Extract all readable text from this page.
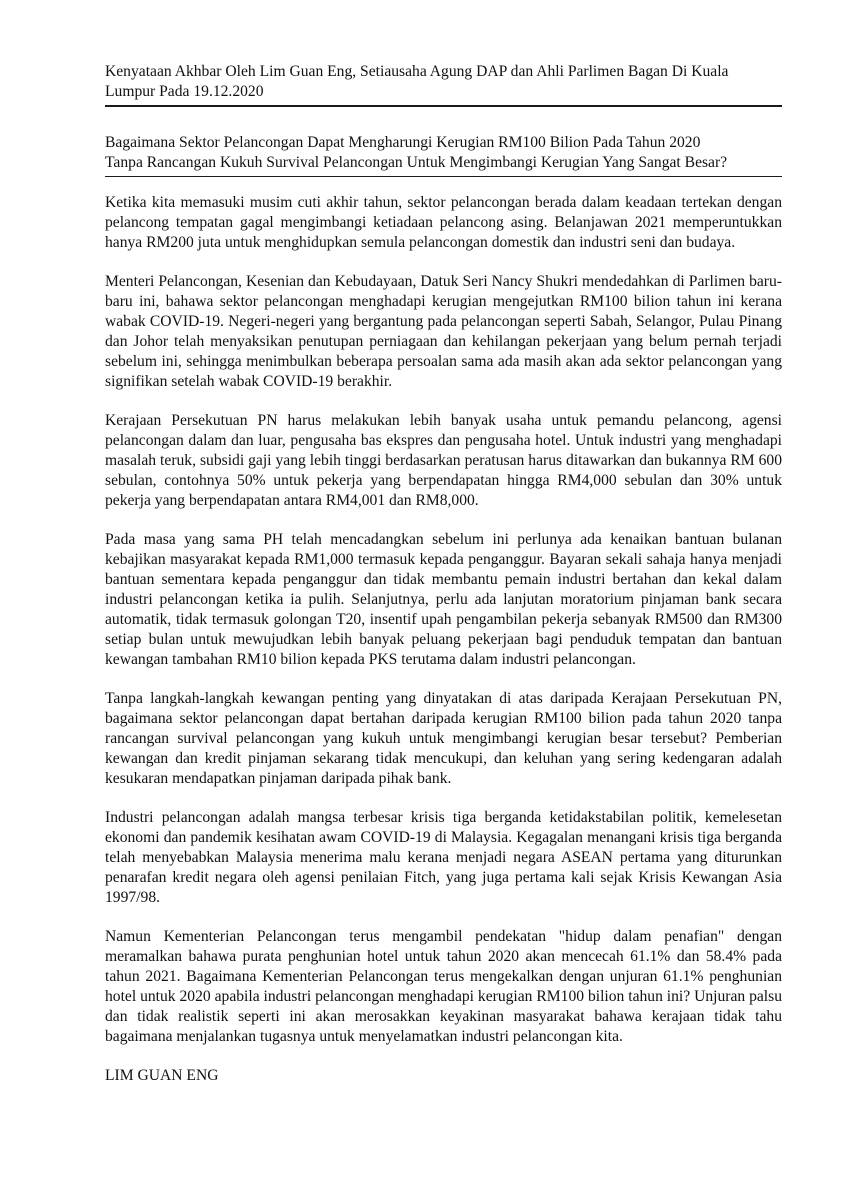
Kenyataan Akhbar Oleh Lim Guan Eng, Setiausaha Agung DAP dan Ahli Parlimen Bagan Di Kuala
Lumpur Pada 19.12.2020
Bagaimana Sektor Pelancongan Dapat Mengharungi Kerugian RM100 Bilion Pada Tahun 2020
Tanpa Rancangan Kukuh Survival Pelancongan Untuk Mengimbangi Kerugian Yang Sangat Besar?

Ketika kita memasuki musim cuti akhir tahun, sektor pelancongan berada dalam keadaan tertekan dengan pelancong tempatan gagal mengimbangi ketiadaan pelancong asing. Belanjawan 2021 memperuntukkan hanya RM200 juta untuk menghidupkan semula pelancongan domestik dan industri seni dan budaya.

Menteri Pelancongan, Kesenian dan Kebudayaan, Datuk Seri Nancy Shukri mendedahkan di Parlimen baru-baru ini, bahawa sektor pelancongan menghadapi kerugian mengejutkan RM100 bilion tahun ini kerana wabak COVID-19. Negeri-negeri yang bergantung pada pelancongan seperti Sabah, Selangor, Pulau Pinang dan Johor telah menyaksikan penutupan perniagaan dan kehilangan pekerjaan yang belum pernah terjadi sebelum ini, sehingga menimbulkan beberapa persoalan sama ada masih akan ada sektor pelancongan yang signifikan setelah wabak COVID-19 berakhir.

Kerajaan Persekutuan PN harus melakukan lebih banyak usaha untuk pemandu pelancong, agensi pelancongan dalam dan luar, pengusaha bas ekspres dan pengusaha hotel. Untuk industri yang menghadapi masalah teruk, subsidi gaji yang lebih tinggi berdasarkan peratusan harus ditawarkan dan bukannya RM 600 sebulan, contohnya 50% untuk pekerja yang berpendapatan hingga RM4,000 sebulan dan 30% untuk pekerja yang berpendapatan antara RM4,001 dan RM8,000.

Pada masa yang sama PH telah mencadangkan sebelum ini perlunya ada kenaikan bantuan bulanan kebajikan masyarakat kepada RM1,000 termasuk kepada penganggur. Bayaran sekali sahaja hanya menjadi bantuan sementara kepada penganggur dan tidak membantu pemain industri bertahan dan kekal dalam industri pelancongan ketika ia pulih. Selanjutnya, perlu ada lanjutan moratorium pinjaman bank secara automatik, tidak termasuk golongan T20, insentif upah pengambilan pekerja sebanyak RM500 dan RM300 setiap bulan untuk mewujudkan lebih banyak peluang pekerjaan bagi penduduk tempatan dan bantuan kewangan tambahan RM10 bilion kepada PKS terutama dalam industri pelancongan.

Tanpa langkah-langkah kewangan penting yang dinyatakan di atas daripada Kerajaan Persekutuan PN, bagaimana sektor pelancongan dapat bertahan daripada kerugian RM100 bilion pada tahun 2020 tanpa rancangan survival pelancongan yang kukuh untuk mengimbangi kerugian besar tersebut? Pemberian kewangan dan kredit pinjaman sekarang tidak mencukupi, dan keluhan yang sering kedengaran adalah kesukaran mendapatkan pinjaman daripada pihak bank.

Industri pelancongan adalah mangsa terbesar krisis tiga berganda ketidakstabilan politik, kemelesetan ekonomi dan pandemik kesihatan awam COVID-19 di Malaysia. Kegagalan menangani krisis tiga berganda telah menyebabkan Malaysia menerima malu kerana menjadi negara ASEAN pertama yang diturunkan penarafan kredit negara oleh agensi penilaian Fitch, yang juga pertama kali sejak Krisis Kewangan Asia 1997/98.

Namun Kementerian Pelancongan terus mengambil pendekatan "hidup dalam penafian" dengan meramalkan bahawa purata penghunian hotel untuk tahun 2020 akan mencecah 61.1% dan 58.4% pada tahun 2021. Bagaimana Kementerian Pelancongan terus mengekalkan dengan unjuran 61.1% penghunian hotel untuk 2020 apabila industri pelancongan menghadapi kerugian RM100 bilion tahun ini? Unjuran palsu dan tidak realistik seperti ini akan merosakkan keyakinan masyarakat bahawa kerajaan tidak tahu bagaimana menjalankan tugasnya untuk menyelamatkan industri pelancongan kita.

LIM GUAN ENG
